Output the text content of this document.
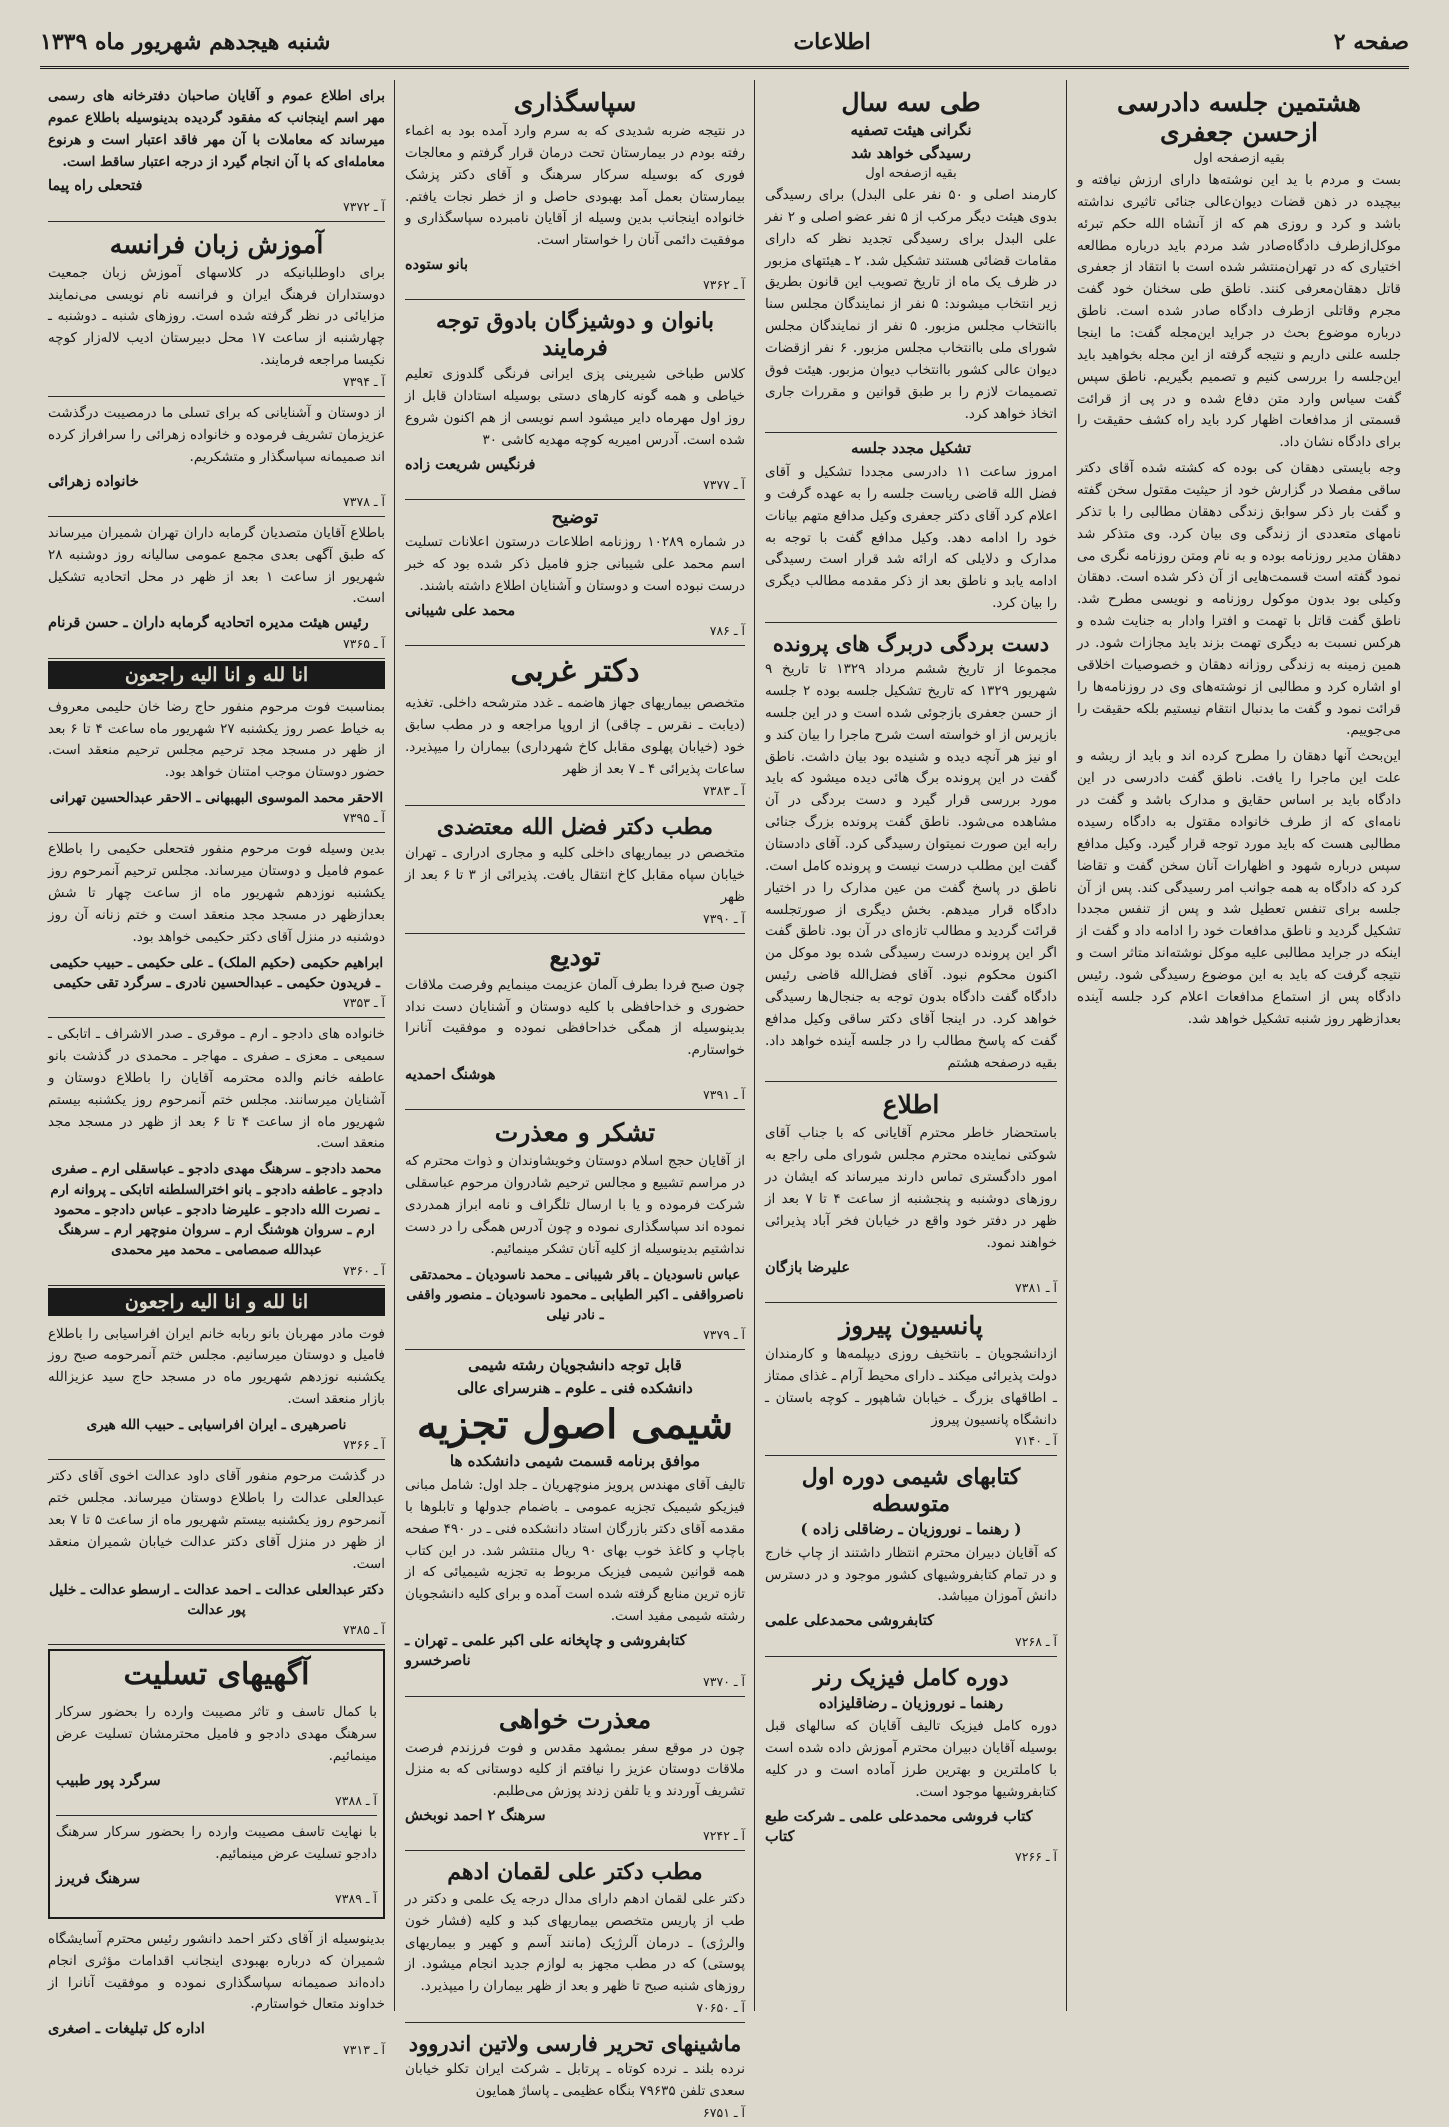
صفحه ۲
اطلاعات
شنبه هیجدهم شهریور ماه ۱۳۳۹
هشتمین جلسه دادرسی ازحسن جعفری
بقیه ازصفحه اول

بست و مردم با ید این نوشته‌ها دارای ارزش نیافته و بیچیده در ذهن قضات دیوان‌عالی جنائی تاثیری نداشته باشد و کرد و روزی هم که از آنشاه الله حکم تبرئه موکل‌ازطرف دادگاه‌صادر شد مردم باید درباره مطالعه اختیاری که در تهران‌منتشر شده است با انتقاد از جعفری قاتل دهقان‌معرفی کنند. ناطق طی سخنان خود گفت مجرم وقاتلی ازطرف دادگاه صادر شده است. ناطق درباره موضوع بحث در جراید این‌مجله گفت: ما اینجا جلسه علنی داریم و نتیجه گرفته از این مجله بخواهید باید این‌جلسه را بررسی کنیم و تصمیم بگیریم. ناطق سپس گفت سیاس وارد متن دفاع شده و در پی از قرائت قسمتی از مدافعات اظهار کرد باید راه کشف حقیقت را برای دادگاه نشان داد.

وجه بایستی دهقان کی بوده که کشته شده آقای دکتر ساقی مفصلا در گزارش خود از حیثیت مقتول سخن گفته و گفت بار ذکر سوابق زندگی دهقان مطالبی را با تذکر نامهای متعددی از زندگی وی بیان کرد. وی متذکر شد دهقان مدیر روزنامه بوده و به نام ومتن روزنامه نگری می نمود گفته است قسمت‌هایی از آن ذکر شده است. دهقان وکیلی بود بدون موکول روزنامه و نویسی مطرح شد. ناطق گفت قاتل با تهمت و افترا وادار به جنایت شده و هرکس نسبت به دیگری تهمت بزند باید مجازات شود. در همین زمینه به زندگی روزانه دهقان و خصوصیات اخلاقی او اشاره کرد و مطالبی از نوشته‌های وی در روزنامه‌ها را قرائت نمود و گفت ما بدنبال انتقام نیستیم بلکه حقیقت را می‌جوییم.

این‌بحث آنها دهقان را مطرح کرده اند و باید از ریشه و علت این ماجرا را یافت. ناطق گفت دادرسی در این دادگاه باید بر اساس حقایق و مدارک باشد و گفت در نامه‌ای که از طرف خانواده مقتول به دادگاه رسیده مطالبی هست که باید مورد توجه قرار گیرد. وکیل مدافع سپس درباره شهود و اظهارات آنان سخن گفت و تقاضا کرد که دادگاه به همه جوانب امر رسیدگی کند. پس از آن جلسه برای تنفس تعطیل شد و پس از تنفس مجددا تشکیل گردید و ناطق مدافعات خود را ادامه داد و گفت از اینکه در جراید مطالبی علیه موکل نوشته‌اند متاثر است و نتیجه گرفت که باید به این موضوع رسیدگی شود. رئیس دادگاه پس از استماع مدافعات اعلام کرد جلسه آینده بعدازظهر روز شنبه تشکیل خواهد شد.

طی سه سال
نگرانی هیئت تصفیه
رسیدگی خواهد شد
بقیه ازصفحه اول

کارمند اصلی و ۵۰ نفر علی البدل) برای رسیدگی بدوی هیئت دیگر مرکب از ۵ نفر عضو اصلی و ۲ نفر علی البدل برای رسیدگی تجدید نظر که دارای مقامات قضائی هستند تشکیل شد. ۲ ـ هیئتهای مزبور در ظرف یک ماه از تاریخ تصویب این قانون بطریق زیر انتخاب میشوند: ۵ نفر از نمایندگان مجلس سنا باانتخاب مجلس مزبور. ۵ نفر از نمایندگان مجلس شورای ملی باانتخاب مجلس مزبور. ۶ نفر ازقضات دیوان عالی کشور باانتخاب دیوان مزبور. هیئت فوق تصمیمات لازم را بر طبق قوانین و مقررات جاری اتخاذ خواهد کرد.

تشکیل مجدد جلسه

امروز ساعت ۱۱ دادرسی مجددا تشکیل و آقای فضل الله قاضی ریاست جلسه را به عهده گرفت و اعلام کرد آقای دکتر جعفری وکیل مدافع متهم بیانات خود را ادامه دهد. وکیل مدافع گفت با توجه به مدارک و دلایلی که ارائه شد قرار است رسیدگی ادامه یابد و ناطق بعد از ذکر مقدمه مطالب دیگری را بیان کرد.

دست بردگی دربرگ های پرونده

مجموعا از تاریخ ششم مرداد ۱۳۲۹ تا تاریخ ۹ شهریور ۱۳۲۹ که تاریخ تشکیل جلسه بوده ۲ جلسه از حسن جعفری بازجوئی شده است و در این جلسه بازپرس از او خواسته است شرح ماجرا را بیان کند و او نیز هر آنچه دیده و شنیده بود بیان داشت. ناطق گفت در این پرونده برگ هائی دیده میشود که باید مورد بررسی قرار گیرد و دست بردگی در آن مشاهده می‌شود. ناطق گفت پرونده بزرگ جنائی رابه این صورت نمیتوان رسیدگی کرد. آقای دادستان گفت این مطلب درست نیست و پرونده کامل است. ناطق در پاسخ گفت من عین مدارک را در اختیار دادگاه قرار میدهم. بخش دیگری از صورتجلسه قرائت گردید و مطالب تازه‌ای در آن بود. ناطق گفت اگر این پرونده درست رسیدگی شده بود موکل من اکنون محکوم نبود. آقای فضل‌الله قاضی رئیس دادگاه گفت دادگاه بدون توجه به جنجال‌ها رسیدگی خواهد کرد. در اینجا آقای دکتر ساقی وکیل مدافع گفت که پاسخ مطالب را در جلسه آینده خواهد داد. بقیه درصفحه هشتم

اطلاع

باستحضار خاطر محترم آقایانی که با جناب آقای شوکتی نماینده محترم مجلس شورای ملی راجع به امور دادگستری تماس دارند میرساند که ایشان در روزهای دوشنبه و پنجشنبه از ساعت ۴ تا ۷ بعد از ظهر در دفتر خود واقع در خیابان فخر آباد پذیرائی خواهند نمود.

علیرضا بازگان
آ ـ ۷۳۸۱
پانسیون پیروز

ازدانشجویان ـ بانتخیف روزی دیپلمه‌ها و کارمندان دولت پذیرائی میکند ـ دارای محیط آرام ـ غذای ممتاز ـ اطاقهای بزرگ ـ خیابان شاهپور ـ کوچه باستان ـ دانشگاه پانسیون پیروز

آ ـ ۷۱۴۰
کتابهای شیمی دوره اول متوسطه
( رهنما ـ نوروزیان ـ رضاقلی زاده )

که آقایان دبیران محترم انتظار داشتند از چاپ خارج و در تمام کتابفروشیهای کشور موجود و در دسترس دانش آموزان میباشد.

کتابفروشی محمدعلی علمی
آ ـ ۷۲۶۸
دوره کامل فیزیک رنر
رهنما ـ نوروزیان ـ رضاقلیزاده

دوره کامل فیزیک تالیف آقایان که سالهای قبل بوسیله آقایان دبیران محترم آموزش داده شده است با کاملترین و بهترین طرز آماده است و در کلیه کتابفروشیها موجود است.

کتاب فروشی محمدعلی علمی ـ شرکت طبع کتاب
آ ـ ۷۲۶۶
سپاسگذاری

در نتیجه ضربه شدیدی که به سرم وارد آمده بود به اغماء رفته بودم در بیمارستان تحت درمان قرار گرفتم و معالجات فوری که بوسیله سرکار سرهنگ و آقای دکتر پزشک بیمارستان بعمل آمد بهبودی حاصل و از خطر نجات یافتم. خانواده اینجانب بدین وسیله از آقایان نامبرده سپاسگذاری و موفقیت دائمی آنان را خواستار است.

بانو ستوده
آ ـ ۷۳۶۲
بانوان و دوشیزگان بادوق توجه فرمایند

کلاس طباخی شیرینی پزی ایرانی فرنگی گلدوزی تعلیم خیاطی و همه گونه کارهای دستی بوسیله استادان قابل از روز اول مهرماه دایر میشود اسم نویسی از هم اکنون شروع شده است. آدرس امیریه کوچه مهدیه کاشی ۳۰

فرنگیس شریعت زاده
آ ـ ۷۳۷۷
توضیح

در شماره ۱۰۲۸۹ روزنامه اطلاعات درستون اعلانات تسلیت اسم محمد علی شیبانی جزو فامیل ذکر شده بود که خبر درست نبوده است و دوستان و آشنایان اطلاع داشته باشند.

محمد علی شیبانی
آ ـ ۷۸۶
دکتر غربی

متخصص بیماریهای جهاز هاضمه ـ غدد مترشحه داخلی. تغذیه (دیابت ـ نقرس ـ چاقی) از اروپا مراجعه و در مطب سابق خود (خیابان پهلوی مقابل کاخ شهرداری) بیماران را میپذیرد. ساعات پذیرائی ۴ ـ ۷ بعد از ظهر

آ ـ ۷۳۸۳
مطب دکتر فضل الله معتضدی

متخصص در بیماریهای داخلی کلیه و مجاری ادراری ـ تهران خیابان سپاه مقابل کاخ انتقال یافت. پذیرائی از ۳ تا ۶ بعد از ظهر

آ ـ ۷۳۹۰
تودیع

چون صبح فردا بطرف آلمان عزیمت مینمایم وفرصت ملاقات حضوری و خداحافظی با کلیه دوستان و آشنایان دست نداد بدینوسیله از همگی خداحافظی نموده و موفقیت آنانرا خواستارم.

هوشنگ احمدیه
آ ـ ۷۳۹۱
تشکر و معذرت

از آقایان حجج اسلام دوستان وخویشاوندان و ذوات محترم که در مراسم تشییع و مجالس ترحیم شادروان مرحوم عباسقلی شرکت فرموده و یا با ارسال تلگراف و نامه ابراز همدردی نموده اند سپاسگذاری نموده و چون آدرس همگی را در دست نداشتیم بدینوسیله از کلیه آنان تشکر مینمائیم.

عباس ناسودیان ـ باقر شیبانی ـ محمد ناسودیان ـ محمدتقی ناصرواقفی ـ اکبر الطیابی ـ محمود ناسودیان ـ منصور واقفی ـ نادر نیلی
آ ـ ۷۳۷۹
قابل توجه دانشجویان رشته شیمی
دانشکده فنی ـ علوم ـ هنرسرای عالی
شیمی اصول تجزیه
موافق برنامه قسمت شیمی دانشکده ها

تالیف آقای مهندس پرویز منوچهریان ـ جلد اول: شامل مبانی فیزیکو شیمیک تجزیه عمومی ـ باضمام جدولها و تابلوها با مقدمه آقای دکتر بازرگان استاد دانشکده فنی ـ در ۴۹۰ صفحه باچاپ و کاغذ خوب بهای ۹۰ ریال منتشر شد. در این کتاب همه قوانین شیمی فیزیک مربوط به تجزیه شیمیائی که از تازه ترین منابع گرفته شده است آمده و برای کلیه دانشجویان رشته شیمی مفید است.

کتابفروشی و چاپخانه علی اکبر علمی ـ تهران ـ ناصرخسرو
آ ـ ۷۳۷۰
معذرت خواهی

چون در موقع سفر بمشهد مقدس و فوت فرزندم فرصت ملاقات دوستان عزیز را نیافتم از کلیه دوستانی که به منزل تشریف آوردند و یا تلفن زدند پوزش می‌طلبم.

سرهنگ ۲ احمد نوبخش
آ ـ ۷۲۴۲
مطب دکتر علی لقمان ادهم

دکتر علی لقمان ادهم دارای مدال درجه یک علمی و دکتر در طب از پاریس متخصص بیماریهای کبد و کلیه (فشار خون والرژی) ـ درمان آلرژیک (مانند آسم و کهیر و بیماریهای پوستی) که در مطب مجهز به لوازم جدید انجام میشود. از روزهای شنبه صبح تا ظهر و بعد از ظهر بیماران را میپذیرد.

آ ـ ۷۰۶۵۰
ماشینهای تحریر فارسی ولاتین اندروود

نرده بلند ـ نرده کوتاه ـ پرتابل ـ شرکت ایران تکلو خیابان سعدی تلفن ۷۹۶۳۵ بنگاه عظیمی ـ پاساژ همایون

آ ـ ۶۷۵۱

برای اطلاع عموم و آقایان صاحبان دفترخانه های رسمی مهر اسم اینجانب که مفقود گردیده بدینوسیله باطلاع عموم میرساند که معاملات با آن مهر فاقد اعتبار است و هرنوع معامله‌ای که با آن انجام گیرد از درجه اعتبار ساقط است.

فتحعلی راه پیما
آ ـ ۷۳۷۲
آموزش زبان فرانسه

برای داوطلبانیکه در کلاسهای آموزش زبان جمعیت دوستداران فرهنگ ایران و فرانسه نام نویسی می‌نمایند مزایائی در نظر گرفته شده است. روزهای شنبه ـ دوشنبه ـ چهارشنبه از ساعت ۱۷ محل دبیرستان ادیب لاله‌زار کوچه نکیسا مراجعه فرمایند.

آ ـ ۷۳۹۴

از دوستان و آشنایانی که برای تسلی ما درمصیبت درگذشت عزیزمان تشریف فرموده و خانواده زهرائی را سرافراز کرده اند صمیمانه سپاسگذار و متشکریم.

خانواده زهرائی
آ ـ ۷۳۷۸

باطلاع آقایان متصدیان گرمابه داران تهران شمیران میرساند که طبق آگهی بعدی مجمع عمومی سالیانه روز دوشنبه ۲۸ شهریور از ساعت ۱ بعد از ظهر در محل اتحادیه تشکیل است.

رئیس هیئت مدیره اتحادیه گرمابه داران ـ حسن قرنام
آ ـ ۷۳۶۵
انا لله و انا الیه راجعون

بمناسبت فوت مرحوم منفور حاج رضا خان حلیمی معروف به خیاط عصر روز یکشنبه ۲۷ شهریور ماه ساعت ۴ تا ۶ بعد از ظهر در مسجد مجد ترحیم مجلس ترحیم منعقد است. حضور دوستان موجب امتنان خواهد بود.

الاحقر محمد الموسوی البهبهانی ـ الاحقر عبدالحسین تهرانی
آ ـ ۷۳۹۵

بدین وسیله فوت مرحوم منفور فتحعلی حکیمی را باطلاع عموم فامیل و دوستان میرساند. مجلس ترحیم آنمرحوم روز یکشنبه نوزدهم شهریور ماه از ساعت چهار تا شش بعدازظهر در مسجد مجد منعقد است و ختم زنانه آن روز دوشنبه در منزل آقای دکتر حکیمی خواهد بود.

ابراهیم حکیمی (حکیم الملک) ـ علی حکیمی ـ حبیب حکیمی ـ فریدون حکیمی ـ عبدالحسین نادری ـ سرگرد تقی حکیمی
آ ـ ۷۳۵۳

خانواده های دادجو ـ ارم ـ موقری ـ صدر الاشراف ـ اتابکی ـ سمیعی ـ معزی ـ صفری ـ مهاجر ـ محمدی در گذشت بانو عاطفه خانم والده محترمه آقایان را باطلاع دوستان و آشنایان میرسانند. مجلس ختم آنمرحوم روز یکشنبه بیستم شهریور ماه از ساعت ۴ تا ۶ بعد از ظهر در مسجد مجد منعقد است.

محمد دادجو ـ سرهنگ مهدی دادجو ـ عباسقلی ارم ـ صفری دادجو ـ عاطفه دادجو ـ بانو اخترالسلطنه اتابکی ـ پروانه ارم ـ نصرت الله دادجو ـ علیرضا دادجو ـ عباس دادجو ـ محمود ارم ـ سروان هوشنگ ارم ـ سروان منوچهر ارم ـ سرهنگ عبدالله صمصامی ـ محمد میر محمدی
آ ـ ۷۳۶۰
انا لله و انا الیه راجعون

فوت مادر مهربان بانو ربابه خانم ایران افراسیابی را باطلاع فامیل و دوستان میرسانیم. مجلس ختم آنمرحومه صبح روز یکشنبه نوزدهم شهریور ماه در مسجد حاج سید عزیزالله بازار منعقد است.

ناصرهیری ـ ایران افراسیابی ـ حبیب الله هیری
آ ـ ۷۳۶۶

در گذشت مرحوم منفور آقای داود عدالت اخوی آقای دکتر عبدالعلی عدالت را باطلاع دوستان میرساند. مجلس ختم آنمرحوم روز یکشنبه بیستم شهریور ماه از ساعت ۵ تا ۷ بعد از ظهر در منزل آقای دکتر عدالت خیابان شمیران منعقد است.

دکتر عبدالعلی عدالت ـ احمد عدالت ـ ارسطو عدالت ـ خلیل پور عدالت
آ ـ ۷۳۸۵
آگهیهای تسلیت

با کمال تاسف و تاثر مصیبت وارده را بحضور سرکار سرهنگ مهدی دادجو و فامیل محترمشان تسلیت عرض مینمائیم.

سرگرد پور طبیب
آ ـ ۷۳۸۸

با نهایت تاسف مصیبت وارده را بحضور سرکار سرهنگ دادجو تسلیت عرض مینمائیم.

سرهنگ فریرز
آ ـ ۷۳۸۹

بدینوسیله از آقای دکتر احمد دانشور رئیس محترم آسایشگاه شمیران که درباره بهبودی اینجانب اقدامات مؤثری انجام داده‌اند صمیمانه سپاسگذاری نموده و موفقیت آنانرا از خداوند متعال خواستارم.

اداره کل تبلیغات ـ اصغری
آ ـ ۷۳۱۳
